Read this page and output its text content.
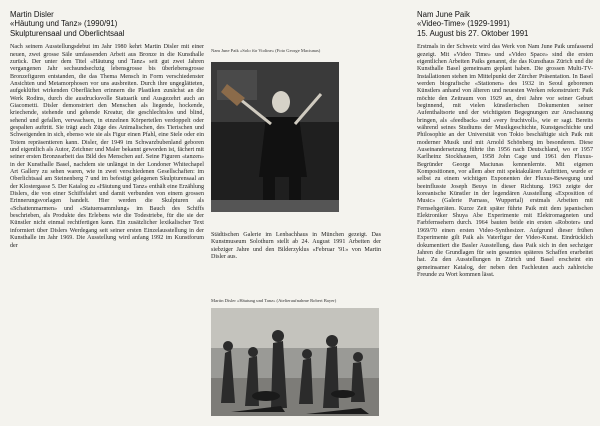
Martin Disler
«Häutung und Tanz» (1990/91)
Skulpturensaal und Oberlichtsaal

Nach seinem Ausstellungsdebut im Jahr 1980 kehrt Martin Disler mit einer neuen, zwei grosse Säle umfassenden Arbeit aus Bronze in die Kunsthalle zurück. Der unter dem Titel «Häutung und Tanz» seit gut zwei Jahren vergangenen Jahr sechsundsechzig lebensgrosse bis überlebensgrosse Bronzefiguren entstanden, die das Thema Mensch in Form verschiedenster Ansichten und Metamorphosen vor uns ausbreiten. Durch ihre ungeglätteten, aufgeklüftet wirkenden Oberflächen erinnern die Plastiken zunächst an die Werk Rodins, durch die ausdrucksvolle Statuarik und Ausgezehrt auch an Giacometti. Disler demonstriert den Menschen als liegende, hockende, kriechende, stehende und gehende Kreatur, die geschlechtslos und blind, sehend und gefallen, verwachsen, in einzelnen Körperteilen verdoppelt oder gespalten auftritt. Sie trägt auch Züge des Animalischen, des Tierischen und Schweigenden in sich, ebenso wie sie als Figur einen Pfahl, eine Stele oder ein Totem repräsentieren kann. Disler, der 1949 im Schwarzbubenland geboren und eigentlich als Autor, Zeichner und Maler bekannt geworden ist, fächert mit seiner ersten Bronzearbeit das Bild des Menschen auf. Seine Figuren «tanzen» in der Kunsthalle Basel, nachdem sie unlängst in der Londoner Whitechapel Art Gallery zu sehen waren, wie in zwei verschiedenen Gesellschaften: im Oberlichtsaal am Steinenberg 7 und im befestigt gelegenen Skulpturensaal an der Klostergasse 5. Der Katalog zu «Häutung und Tanz» enthält eine Erzählung Dislers, die von einer Schiffsfahrt und damit verbunden von einem grossen Erinnerungsvorlagen handelt. Hier werden die Skulpturen als «Schattenmarmen» und «Statuensammlung» im Bauch des Schiffs beschrieben, als Produkte des Erlebens wie die Todestriebe, für die sie der Künstler nicht einmal rechtfertigen kann. Ein zusätzlicher lexikalischer Text informiert über Dislers Werdegang seit seiner ersten Einzelausstellung in der Kunsthalle im Jahr 1969. Die Ausstellung wird anfang 1992 im Kunstforum der

Nam June Paik «Solo für Violine» (Foto George Maciunas)

Städtischen Galerie im Lenbachhaus in München gezeigt. Das Kunstmuseum Solothurn stellt ab 24. August 1991 Arbeiten der siebziger Jahre und den Bilderzyklus «Februar '91» von Martin Disler aus.

Martin Disler «Häutung und Tanz» (Atelieraufnahme Robert Bayer)

Nam June Paik
«Video-Time» (1929-1991)
15. August bis 27. Oktober 1991

Erstmals in der Schweiz wird das Werk von Nam June Paik umfassend gezeigt. Mit «Video Time» und «Video Space» sind die ersten eigentlichen Arbeiten Paiks genannt, die das Kunsthaus Zürich und die Kunsthalle Basel gemeinsam geplant haben. Die grossen Multi-TV-Installationen stehen im Mittelpunkt der Zürcher Präsentation. In Basel werden biografische «Stationen» des 1932 in Seoul geborenen Künstlers anhand von älteren und neuesten Werken rekonstruiert: Paik möchte den Zeitraum von 1929 an, drei Jahre vor seiner Geburt beginnend, mit vielen künstlerischen Dokumenten seiner Aufenthaltsorte und der wichtigsten Begegnungen zur Anschauung bringen, als «feedback» und «very fruchtvoll», wie er sagt. Bereits während seines Studiums der Musikgeschichte, Kunstgeschichte und Philosophie an der Universität von Tokio beschäftigte sich Paik mit moderner Musik und mit Arnold Schönberg im besonderen. Diese Auseinandersetzung führte ihn 1956 nach Deutschland, wo er 1957 Karlheinz Stockhausen, 1958 John Cage und 1961 den Fluxus-Begründer George Maciunas kennenlernte. Mit eigenen Kompositionen, vor allem aber mit spektakulären Auftritten, wurde er selbst zu einem wichtigen Exponenten der Fluxus-Bewegung und beeinflusste Joseph Beuys in dieser Richtung. 1963 zeigte der koreanische Künstler in der legendären Ausstellung «Exposition of Music» (Galerie Parnass, Wuppertal) erstmals Arbeiten mit Fernsehgeräten. Kurze Zeit später führte Paik mit dem japanischen Elektroniker Shuya Abe Experimente mit Elektromagneten und Farbfernsehern durch. 1964 bauten beide ein ersten «Roboter» und 1969/70 einen ersten Video-Synthesizer. Aufgrund dieser frühen Experimente gilt Paik als Vaterfigur der Video-Kunst. Eindrücklich dokumentiert die Basler Ausstellung, dass Paik sich in den sechziger Jahren die Grundlagen für sein gesamtes späteres Schaffen erarbeitet hat. Zu den Ausstellungen in Zürich und Basel erscheint ein gemeinsamer Katalog, der neben den Fachleuten auch zahlreiche Freunde zu Wort kommen lässt.
